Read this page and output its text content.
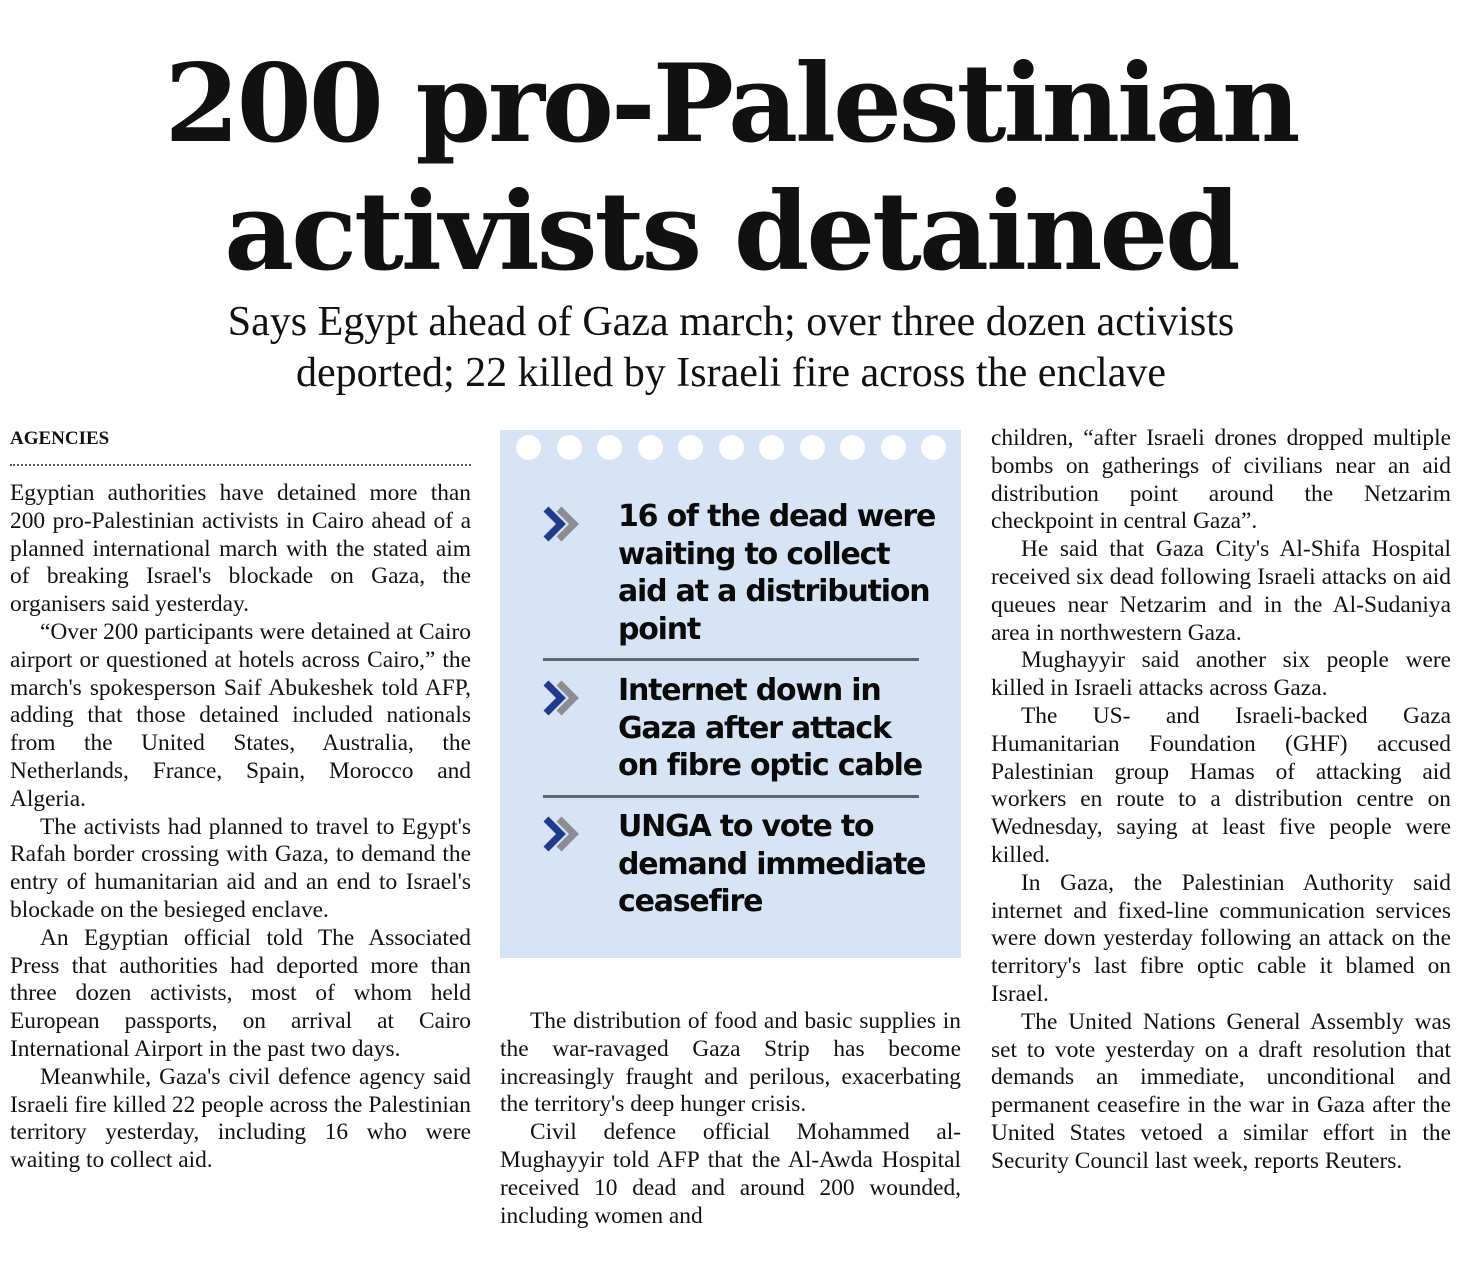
200 pro-Palestinian
activists detained
Says Egypt ahead of Gaza march; over three dozen activists
deported; 22 killed by Israeli fire across the enclave
AGENCIES

Egyptian authorities have detained more than 200 pro-Palestinian activists in Cairo ahead of a planned international march with the stated aim of breaking Israel's blockade on Gaza, the organisers said yesterday.

“Over 200 participants were detained at Cairo airport or questioned at hotels across Cairo,” the march's spokesperson Saif Abukeshek told AFP, adding that those detained included nationals from the United States, Australia, the Netherlands, France, Spain, Morocco and Algeria.

The activists had planned to travel to Egypt's Rafah border crossing with Gaza, to demand the entry of humanitarian aid and an end to Israel's blockade on the besieged enclave.

An Egyptian official told The Associated Press that authorities had deported more than three dozen activists, most of whom held European passports, on arrival at Cairo International Airport in the past two days.

Meanwhile, Gaza's civil defence agency said Israeli fire killed 22 people across the Palestinian territory yesterday, including 16 who were waiting to collect aid.

16 of the dead were waiting to collect aid at a distribution point
Internet down in Gaza after attack on fibre optic cable
UNGA to vote to demand immediate ceasefire

The distribution of food and basic supplies in the war-ravaged Gaza Strip has become increasingly fraught and perilous, exacerbating the territory's deep hunger crisis.

Civil defence official Mohammed al-Mughayyir told AFP that the Al-Awda Hospital received 10 dead and around 200 wounded, including women and

children, “after Israeli drones dropped multiple bombs on gatherings of civilians near an aid distribution point around the Netzarim checkpoint in central Gaza”.

He said that Gaza City's Al-Shifa Hospital received six dead following Israeli attacks on aid queues near Netzarim and in the Al-Sudaniya area in northwestern Gaza.

Mughayyir said another six people were killed in Israeli attacks across Gaza.

The US- and Israeli-backed Gaza Humanitarian Foundation (GHF) accused Palestinian group Hamas of attacking aid workers en route to a distribution centre on Wednesday, saying at least five people were killed.

In Gaza, the Palestinian Authority said internet and fixed-line communication services were down yesterday following an attack on the territory's last fibre optic cable it blamed on Israel.

The United Nations General Assembly was set to vote yesterday on a draft resolution that demands an immediate, unconditional and permanent ceasefire in the war in Gaza after the United States vetoed a similar effort in the Security Council last week, reports Reuters.
